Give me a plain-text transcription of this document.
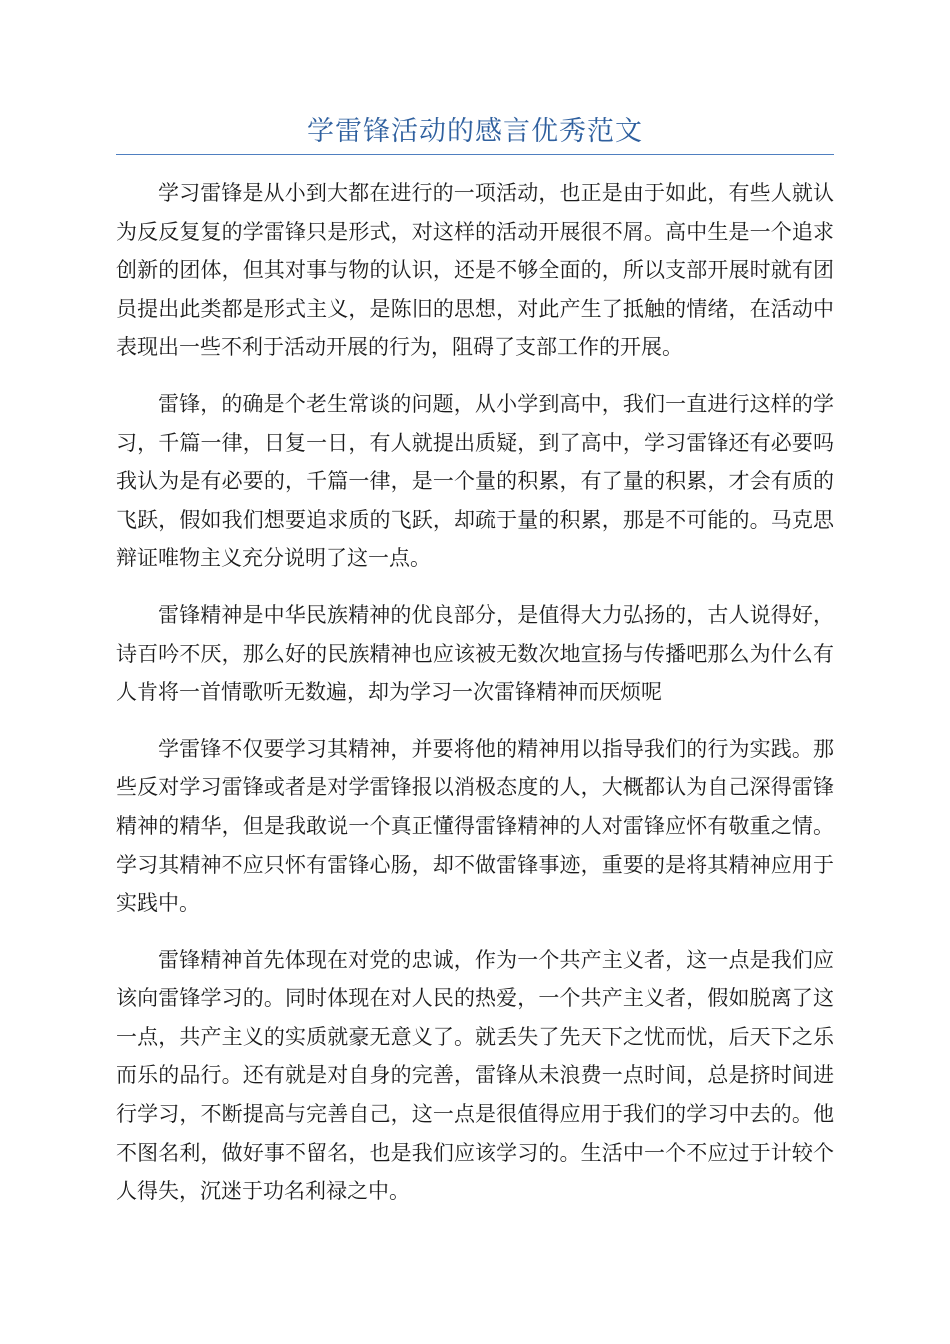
学雷锋活动的感言优秀范文

学习雷锋是从小到大都在进行的一项活动，也正是由于如此，有些人就认为反反复复的学雷锋只是形式，对这样的活动开展很不屑。高中生是一个追求创新的团体，但其对事与物的认识，还是不够全面的，所以支部开展时就有团员提出此类都是形式主义，是陈旧的思想，对此产生了抵触的情绪，在活动中表现出一些不利于活动开展的行为，阻碍了支部工作的开展。

雷锋，的确是个老生常谈的问题，从小学到高中，我们一直进行这样的学习，千篇一律，日复一日，有人就提出质疑，到了高中，学习雷锋还有必要吗我认为是有必要的，千篇一律，是一个量的积累，有了量的积累，才会有质的飞跃，假如我们想要追求质的飞跃，却疏于量的积累，那是不可能的。马克思辩证唯物主义充分说明了这一点。

雷锋精神是中华民族精神的优良部分，是值得大力弘扬的，古人说得好，诗百吟不厌，那么好的民族精神也应该被无数次地宣扬与传播吧那么为什么有人肯将一首情歌听无数遍，却为学习一次雷锋精神而厌烦呢

学雷锋不仅要学习其精神，并要将他的精神用以指导我们的行为实践。那些反对学习雷锋或者是对学雷锋报以消极态度的人，大概都认为自己深得雷锋精神的精华，但是我敢说一个真正懂得雷锋精神的人对雷锋应怀有敬重之情。学习其精神不应只怀有雷锋心肠，却不做雷锋事迹，重要的是将其精神应用于实践中。

雷锋精神首先体现在对党的忠诚，作为一个共产主义者，这一点是我们应该向雷锋学习的。同时体现在对人民的热爱，一个共产主义者，假如脱离了这一点，共产主义的实质就豪无意义了。就丢失了先天下之忧而忧，后天下之乐而乐的品行。还有就是对自身的完善，雷锋从未浪费一点时间，总是挤时间进行学习，不断提高与完善自己，这一点是很值得应用于我们的学习中去的。他不图名利，做好事不留名，也是我们应该学习的。生活中一个不应过于计较个人得失，沉迷于功名利禄之中。
